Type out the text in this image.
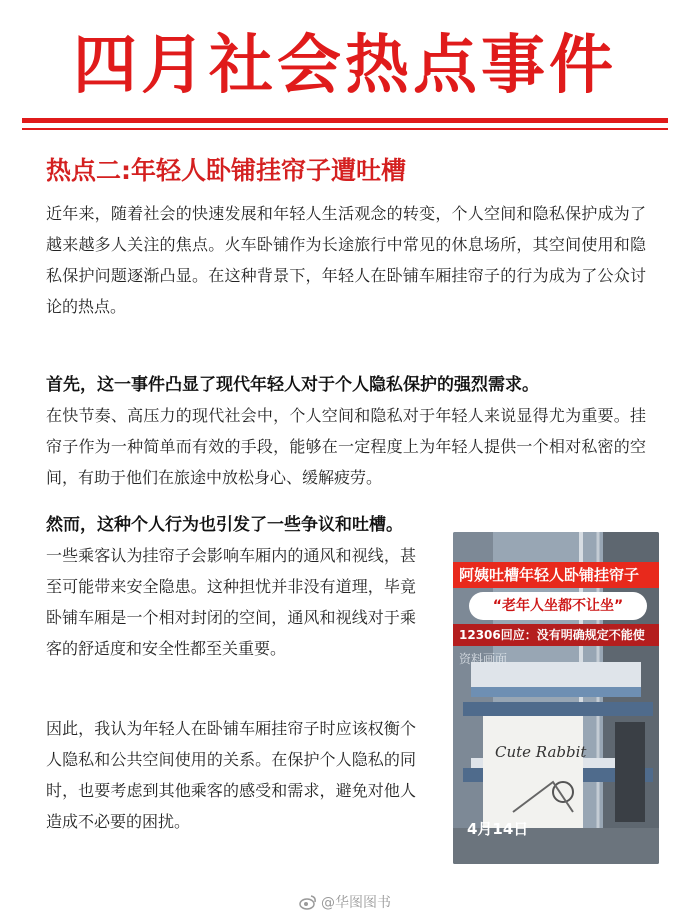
四月社会热点事件
热点二:年轻人卧铺挂帘子遭吐槽

近年来，随着社会的快速发展和年轻人生活观念的转变，个人空间和隐私保护成为了越来越多人关注的焦点。火车卧铺作为长途旅行中常见的休息场所，其空间使用和隐私保护问题逐渐凸显。在这种背景下，年轻人在卧铺车厢挂帘子的行为成为了公众讨论的热点。

首先，这一事件凸显了现代年轻人对于个人隐私保护的强烈需求。

在快节奏、高压力的现代社会中，个人空间和隐私对于年轻人来说显得尤为重要。挂帘子作为一种简单而有效的手段，能够在一定程度上为年轻人提供一个相对私密的空间，有助于他们在旅途中放松身心、缓解疲劳。

然而，这种个人行为也引发了一些争议和吐槽。

一些乘客认为挂帘子会影响车厢内的通风和视线，甚至可能带来安全隐患。这种担忧并非没有道理，毕竟卧铺车厢是一个相对封闭的空间，通风和视线对于乘客的舒适度和安全性都至关重要。

因此，我认为年轻人在卧铺车厢挂帘子时应该权衡个人隐私和公共空间使用的关系。在保护个人隐私的同时，也要考虑到其他乘客的感受和需求，避免对他人造成不必要的困扰。

Cute Rabbit
阿姨吐槽年轻人卧铺挂帘子
“老年人坐都不让坐”
12306回应：没有明确规定不能使
资料画面
4月14日
@华图图书
